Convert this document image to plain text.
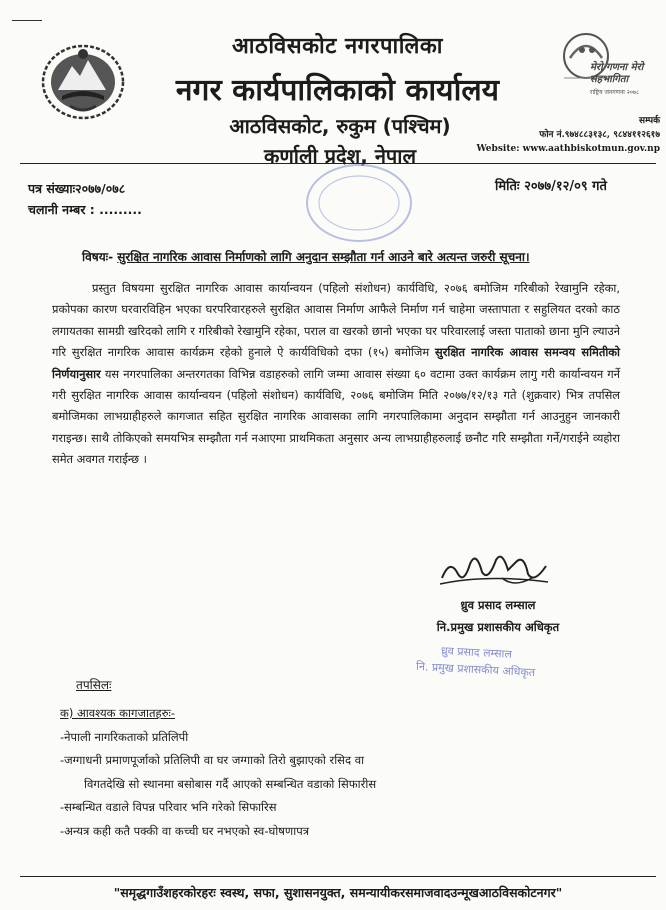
मेरो गणना मेरो सहभागिता
राष्ट्रिय जनगणना २०७८
आठविसकोट नगरपालिका
नगर कार्यपालिकाको कार्यालय
आठविसकोट, रुकुम (पश्चिम)
कर्णाली प्रदेश, नेपाल
सम्पर्क
फोन नं.९७४८८३१३८, ९८४४११२६१७
Website: www.aathbiskotmun.gov.np
पत्र संख्याः२०७७/०७८
चलानी नम्बर : .........
मितिः २०७७/१२/०९ गते
विषयः- सुरक्षित नागरिक आवास निर्माणको लागि अनुदान सम्झौता गर्न आउने बारे अत्यन्त जरुरी सूचना।
प्रस्तुत विषयमा सुरक्षित नागरिक आवास कार्यान्वयन (पहिलो संशोधन) कार्यविधि, २०७६ बमोजिम गरिबीको रेखामुनि रहेका, प्रकोपका कारण घरवारविहिन भएका घरपरिवारहरुले सुरक्षित आवास निर्माण आफैले निर्माण गर्न चाहेमा जस्तापाता र सहुलियत दरको काठ लगायतका सामग्री खरिदको लागि र गरिबीको रेखामुनि रहेका, पराल वा खरको छानो भएका घर परिवारलाई जस्ता पाताको छाना मुनि ल्याउने गरि सुरक्षित नागरिक आवास कार्यक्रम रहेको हुनाले ऐ कार्यविधिको दफा (१५) बमोजिम सुरक्षित नागरिक आवास समन्वय समितीको निर्णयानुसार यस नगरपालिका अन्तरगतका विभिन्न वडाहरुको लागि जम्मा आवास संख्या ६० वटामा उक्त कार्यक्रम लागु गरी कार्यान्वयन गर्ने गरी सुरक्षित नागरिक आवास कार्यान्वयन (पहिलो संशोधन) कार्यविधि, २०७६ बमोजिम मिति २०७७/१२/१३ गते (शुक्रवार) भित्र तपसिल बमोजिमका लाभग्राहीहरुले कागजात सहित सुरक्षित नागरिक आवासका लागि नगरपालिकामा अनुदान सम्झौता गर्न आउनुहुन जानकारी गराइन्छ। साथै तोकिएको समयभित्र सम्झौता गर्न नआएमा प्राथमिकता अनुसार अन्य लाभग्राहीहरुलाई छनौट गरि सम्झौता गर्ने/गराईने व्यहोरा समेत अवगत गराईन्छ ।
ध्रुव प्रसाद लम्साल
नि.प्रमुख प्रशासकीय अधिकृत
ध्रुव प्रसाद लम्साल
नि. प्रमुख प्रशासकीय अधिकृत
तपसिलः
क) आवश्यक कागजातहरुः-
-नेपाली नागरिकताको प्रतिलिपी
-जग्गाधनी प्रमाणपूर्जाको प्रतिलिपी वा घर जग्गाको तिरो बुझाएको रसिद वा
विगतदेखि सो स्थानमा बसोबास गर्दै आएको सम्बन्धित वडाको सिफारीस
-सम्बन्धित वडाले विपन्न परिवार भनि गरेको सिफारिस
-अन्यत्र कही कतै पक्की वा कच्ची घर नभएको स्व-घोषणापत्र
"समृद्धगाउँशहरकोरहरः स्वस्थ, सफा, सुशासनयुक्त, समन्यायीकरसमाजवादउन्मूखआठविसकोटनगर"
